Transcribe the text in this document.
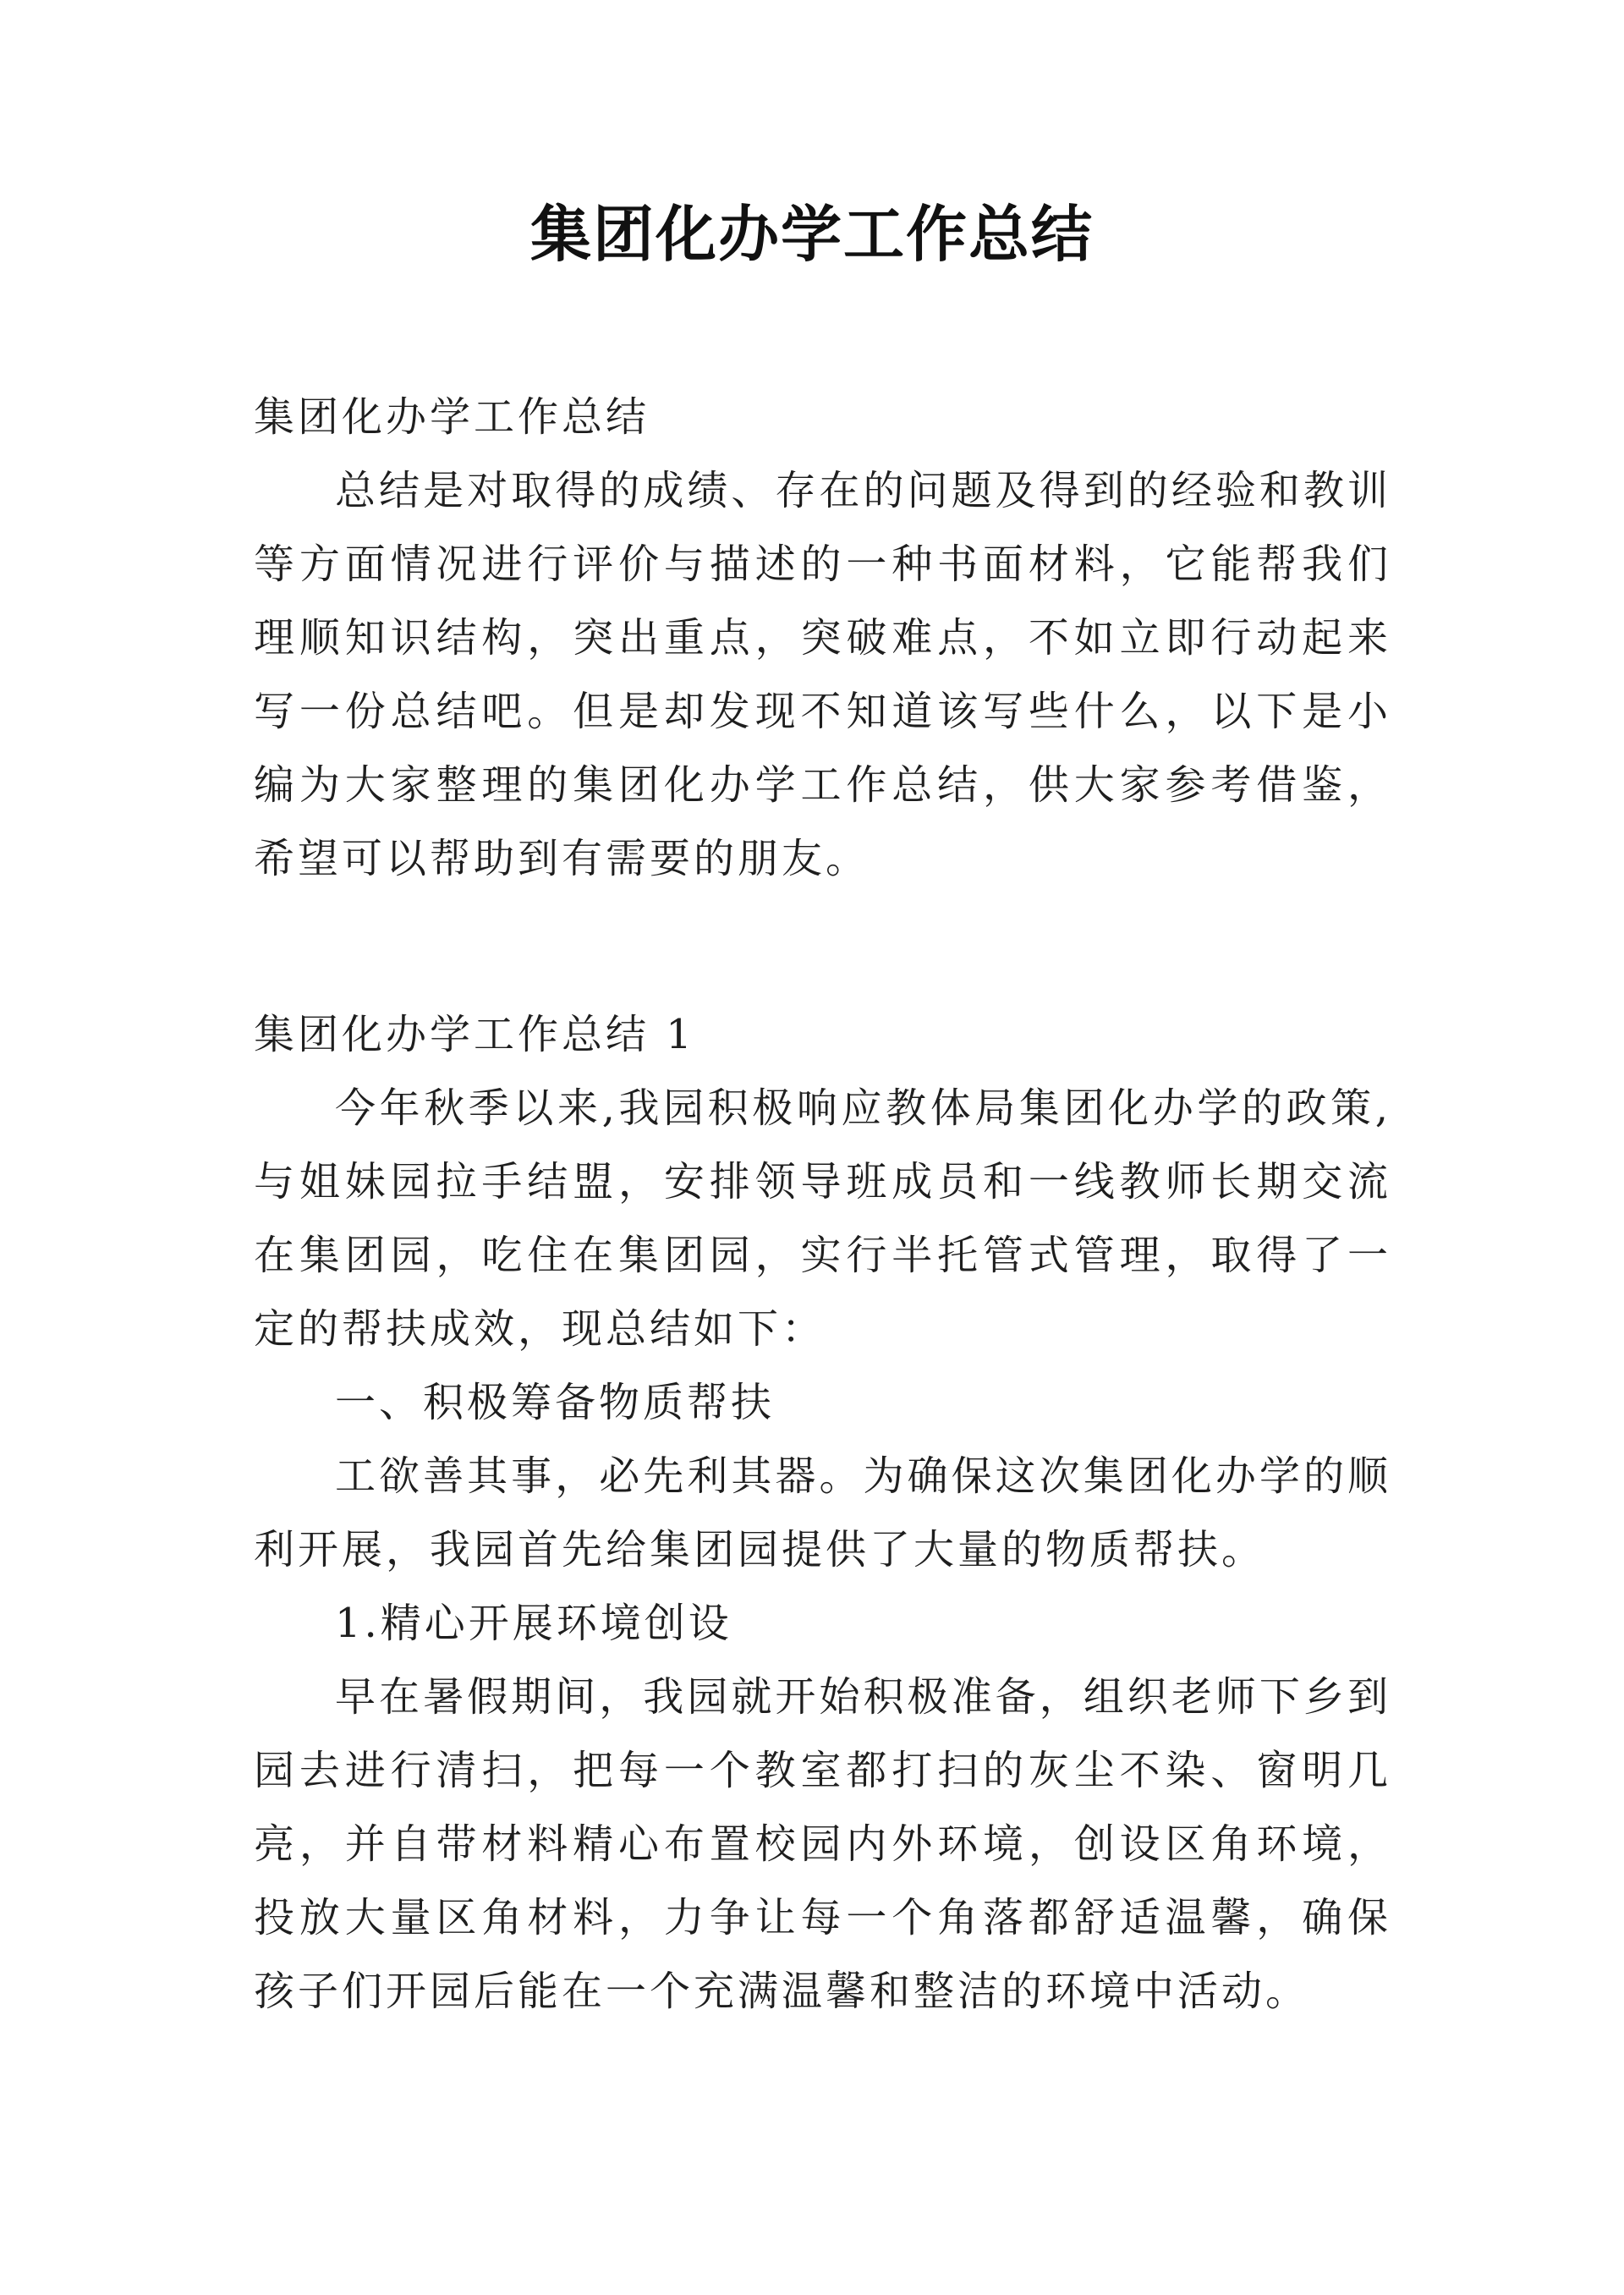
集团化办学工作总结

集团化办学工作总结

总结是对取得的成绩、存在的问题及得到的经验和教训等方面情况进行评价与描述的一种书面材料，它能帮我们理顺知识结构，突出重点，突破难点，不如立即行动起来写一份总结吧。但是却发现不知道该写些什么，以下是小编为大家整理的集团化办学工作总结，供大家参考借鉴，希望可以帮助到有需要的朋友。

集团化办学工作总结 1

今年秋季以来,我园积极响应教体局集团化办学的政策,与姐妹园拉手结盟，安排领导班成员和一线教师长期交流在集团园，吃住在集团园，实行半托管式管理，取得了一定的帮扶成效，现总结如下：

一、积极筹备物质帮扶

工欲善其事，必先利其器。为确保这次集团化办学的顺利开展，我园首先给集团园提供了大量的物质帮扶。

1.精心开展环境创设

早在暑假期间，我园就开始积极准备，组织老师下乡到园去进行清扫，把每一个教室都打扫的灰尘不染、窗明几亮，并自带材料精心布置校园内外环境，创设区角环境，投放大量区角材料，力争让每一个角落都舒适温馨，确保孩子们开园后能在一个充满温馨和整洁的环境中活动。
